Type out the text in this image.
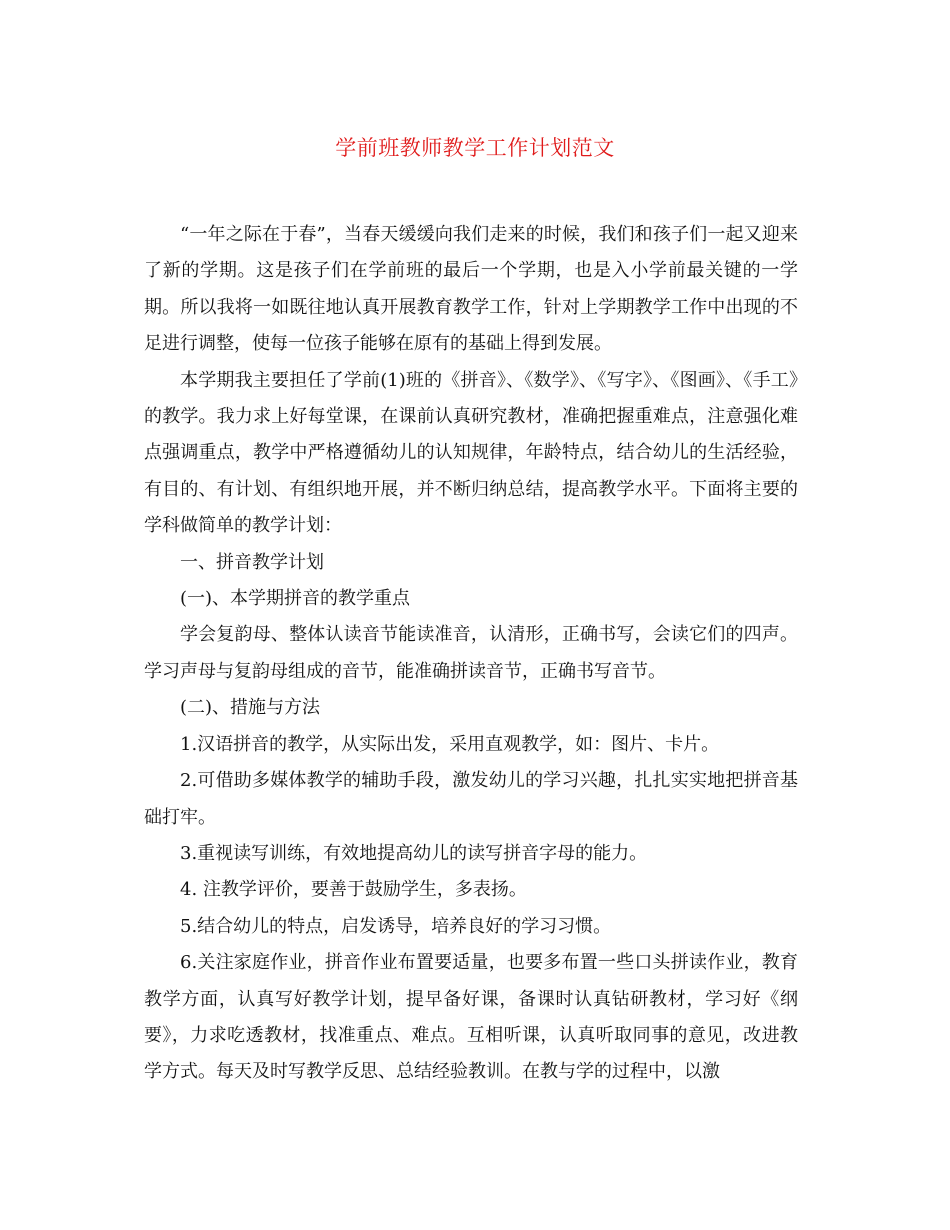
学前班教师教学工作计划范文

“一年之际在于春”，当春天缓缓向我们走来的时候，我们和孩子们一起又迎来了新的学期。这是孩子们在学前班的最后一个学期，也是入小学前最关键的一学期。所以我将一如既往地认真开展教育教学工作，针对上学期教学工作中出现的不足进行调整，使每一位孩子能够在原有的基础上得到发展。

本学期我主要担任了学前(1)班的《拼音》、《数学》、《写字》、《图画》、《手工》的教学。我力求上好每堂课，在课前认真研究教材，准确把握重难点，注意强化难点强调重点，教学中严格遵循幼儿的认知规律，年龄特点，结合幼儿的生活经验，有目的、有计划、有组织地开展，并不断归纳总结，提高教学水平。下面将主要的学科做简单的教学计划：

一、拼音教学计划

(一)、本学期拼音的教学重点

学会复韵母、整体认读音节能读准音，认清形，正确书写，会读它们的四声。学习声母与复韵母组成的音节，能准确拼读音节，正确书写音节。

(二)、措施与方法

1.汉语拼音的教学，从实际出发，采用直观教学，如：图片、卡片。

2.可借助多媒体教学的辅助手段，激发幼儿的学习兴趣，扎扎实实地把拼音基础打牢。

3.重视读写训练，有效地提高幼儿的读写拼音字母的能力。

4. 注教学评价，要善于鼓励学生，多表扬。

5.结合幼儿的特点，启发诱导，培养良好的学习习惯。

6.关注家庭作业，拼音作业布置要适量，也要多布置一些口头拼读作业，教育教学方面，认真写好教学计划，提早备好课，备课时认真钻研教材，学习好《纲要》，力求吃透教材，找准重点、难点。互相听课，认真听取同事的意见，改进教学方式。每天及时写教学反思、总结经验教训。在教与学的过程中，以激
